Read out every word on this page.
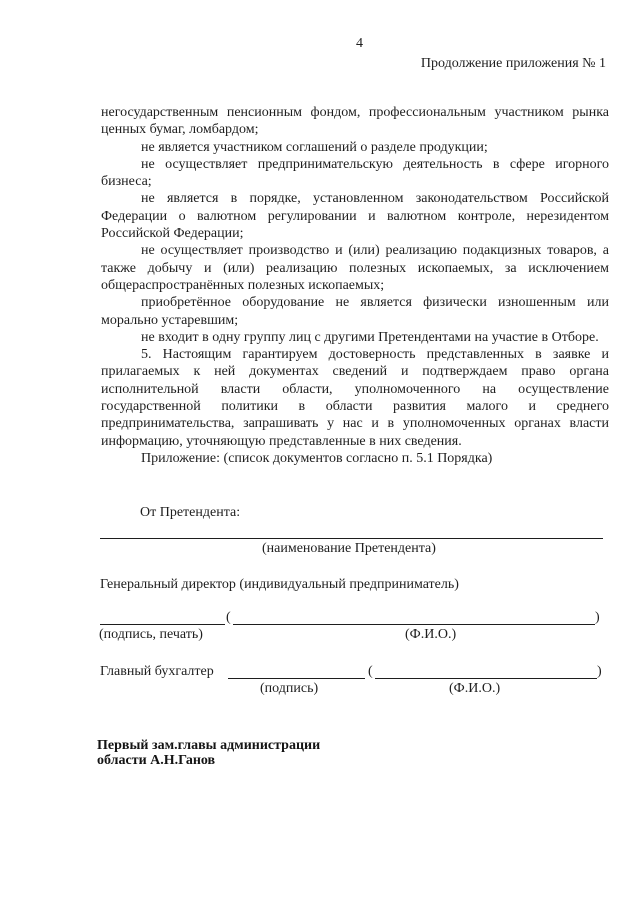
4
Продолжение приложения № 1

негосударственным пенсионным фондом, профессиональным участником рынка ценных бумаг, ломбардом;

не является участником соглашений о разделе продукции;

не осуществляет предпринимательскую деятельность в сфере игорного бизнеса;

не является в порядке, установленном законодательством Российской Федерации о валютном регулировании и валютном контроле, нерезидентом Российской Федерации;

не осуществляет производство и (или) реализацию подакцизных товаров, а также добычу и (или) реализацию полезных ископаемых, за исключением общераспространённых полезных ископаемых;

приобретённое оборудование не является физически изношенным или морально устаревшим;

не входит в одну группу лиц с другими Претендентами на участие в Отборе.

5. Настоящим гарантируем достоверность представленных в заявке и прилагаемых к ней документах сведений и подтверждаем право органа исполнительной власти области, уполномоченного на осуществление государственной политики в области развития малого и среднего предпринимательства, запрашивать у нас и в уполномоченных органах власти информацию, уточняющую представленные в них сведения.

Приложение: (список документов согласно п. 5.1 Порядка)

От Претендента:
(наименование Претендента)
Генеральный директор (индивидуальный предприниматель)
(	)
(подпись, печать)	(Ф.И.О.)
Главный бухгалтер	(	)
(подпись)	(Ф.И.О.)
Первый зам.главы администрации
области А.Н.Ганов
